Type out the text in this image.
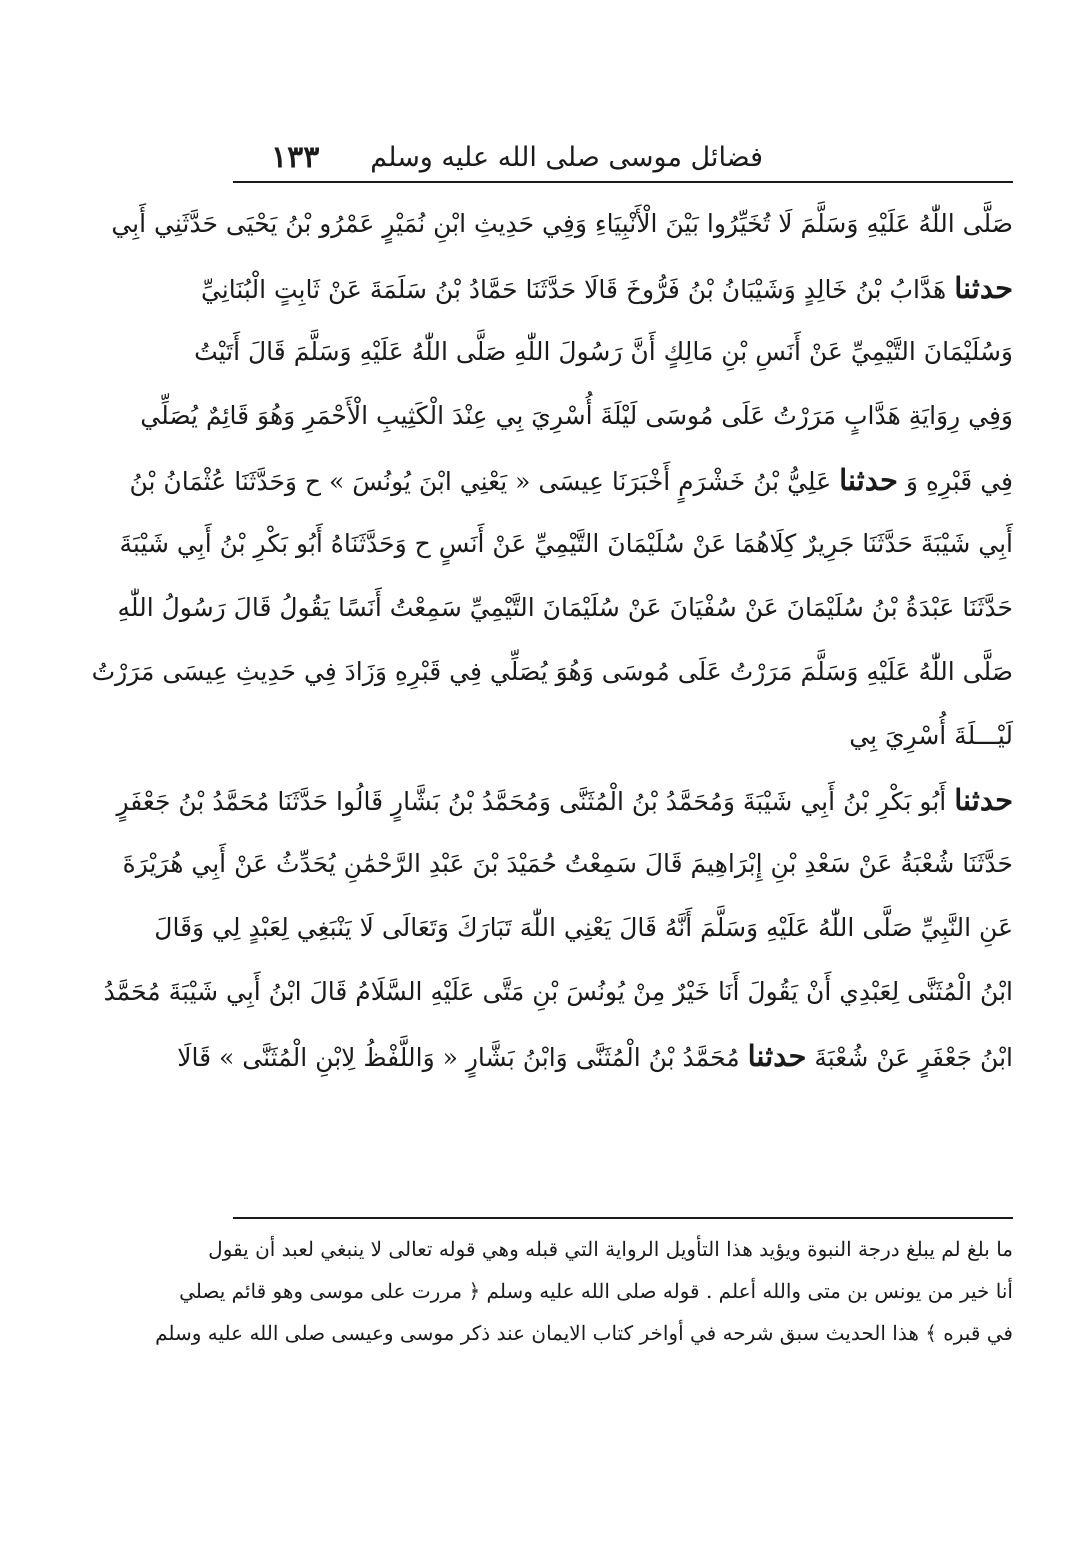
فضائل موسى صلى الله عليه وسلم
١٣٣
صَلَّى اللّٰهُ عَلَيْهِ وَسَلَّمَ لَا تُخَيِّرُوا بَيْنَ الْأَنْبِيَاءِ وَفِي حَدِيثِ ابْنِ نُمَيْرٍ عَمْرُو بْنُ يَحْيَى حَدَّثَنِي أَبِي
حدثنا هَدَّابُ بْنُ خَالِدٍ وَشَيْبَانُ بْنُ فَرُّوخَ قَالَا حَدَّثَنَا حَمَّادُ بْنُ سَلَمَةَ عَنْ ثَابِتٍ الْبُنَانِيِّ
وَسُلَيْمَانَ التَّيْمِيِّ عَنْ أَنَسِ بْنِ مَالِكٍ أَنَّ رَسُولَ اللّٰهِ صَلَّى اللّٰهُ عَلَيْهِ وَسَلَّمَ قَالَ أَتَيْتُ
وَفِي رِوَايَةِ هَدَّابٍ مَرَرْتُ عَلَى مُوسَى لَيْلَةَ أُسْرِيَ بِي عِنْدَ الْكَثِيبِ الْأَحْمَرِ وَهُوَ قَائِمٌ يُصَلِّي
فِي قَبْرِهِ وَ حدثنا عَلِيُّ بْنُ خَشْرَمٍ أَخْبَرَنَا عِيسَى « يَعْنِي ابْنَ يُونُسَ » ح وَحَدَّثَنَا عُثْمَانُ بْنُ
أَبِي شَيْبَةَ حَدَّثَنَا جَرِيرٌ كِلَاهُمَا عَنْ سُلَيْمَانَ التَّيْمِيِّ عَنْ أَنَسٍ ح وَحَدَّثَنَاهُ أَبُو بَكْرِ بْنُ أَبِي شَيْبَةَ
حَدَّثَنَا عَبْدَةُ بْنُ سُلَيْمَانَ عَنْ سُفْيَانَ عَنْ سُلَيْمَانَ التَّيْمِيِّ سَمِعْتُ أَنَسًا يَقُولُ قَالَ رَسُولُ اللّٰهِ
صَلَّى اللّٰهُ عَلَيْهِ وَسَلَّمَ مَرَرْتُ عَلَى مُوسَى وَهُوَ يُصَلِّي فِي قَبْرِهِ وَزَادَ فِي حَدِيثِ عِيسَى مَرَرْتُ
لَيْـــلَةَ أُسْرِيَ بِي
حدثنا أَبُو بَكْرِ بْنُ أَبِي شَيْبَةَ وَمُحَمَّدُ بْنُ الْمُثَنَّى وَمُحَمَّدُ بْنُ بَشَّارٍ قَالُوا حَدَّثَنَا مُحَمَّدُ بْنُ جَعْفَرٍ
حَدَّثَنَا شُعْبَةُ عَنْ سَعْدِ بْنِ إِبْرَاهِيمَ قَالَ سَمِعْتُ حُمَيْدَ بْنَ عَبْدِ الرَّحْمَٰنِ يُحَدِّثُ عَنْ أَبِي هُرَيْرَةَ
عَنِ النَّبِيِّ صَلَّى اللّٰهُ عَلَيْهِ وَسَلَّمَ أَنَّهُ قَالَ يَعْنِي اللّٰهَ تَبَارَكَ وَتَعَالَى لَا يَنْبَغِي لِعَبْدٍ لِي وَقَالَ
ابْنُ الْمُثَنَّى لِعَبْدِي أَنْ يَقُولَ أَنَا خَيْرٌ مِنْ يُونُسَ بْنِ مَتَّى عَلَيْهِ السَّلَامُ قَالَ ابْنُ أَبِي شَيْبَةَ مُحَمَّدُ
ابْنُ جَعْفَرٍ عَنْ شُعْبَةَ حدثنا مُحَمَّدُ بْنُ الْمُثَنَّى وَابْنُ بَشَّارٍ « وَاللَّفْظُ لِابْنِ الْمُثَنَّى » قَالَا
ما بلغ لم يبلغ درجة النبوة ويؤيد هذا التأويل الرواية التي قبله وهي قوله تعالى لا ينبغي لعبد أن يقول
أنا خير من يونس بن متى والله أعلم . قوله صلى الله عليه وسلم ﴿ مررت على موسى وهو قائم يصلي
في قبره ﴾ هذا الحديث سبق شرحه في أواخر كتاب الايمان عند ذكر موسى وعيسى صلى الله عليه وسلم
